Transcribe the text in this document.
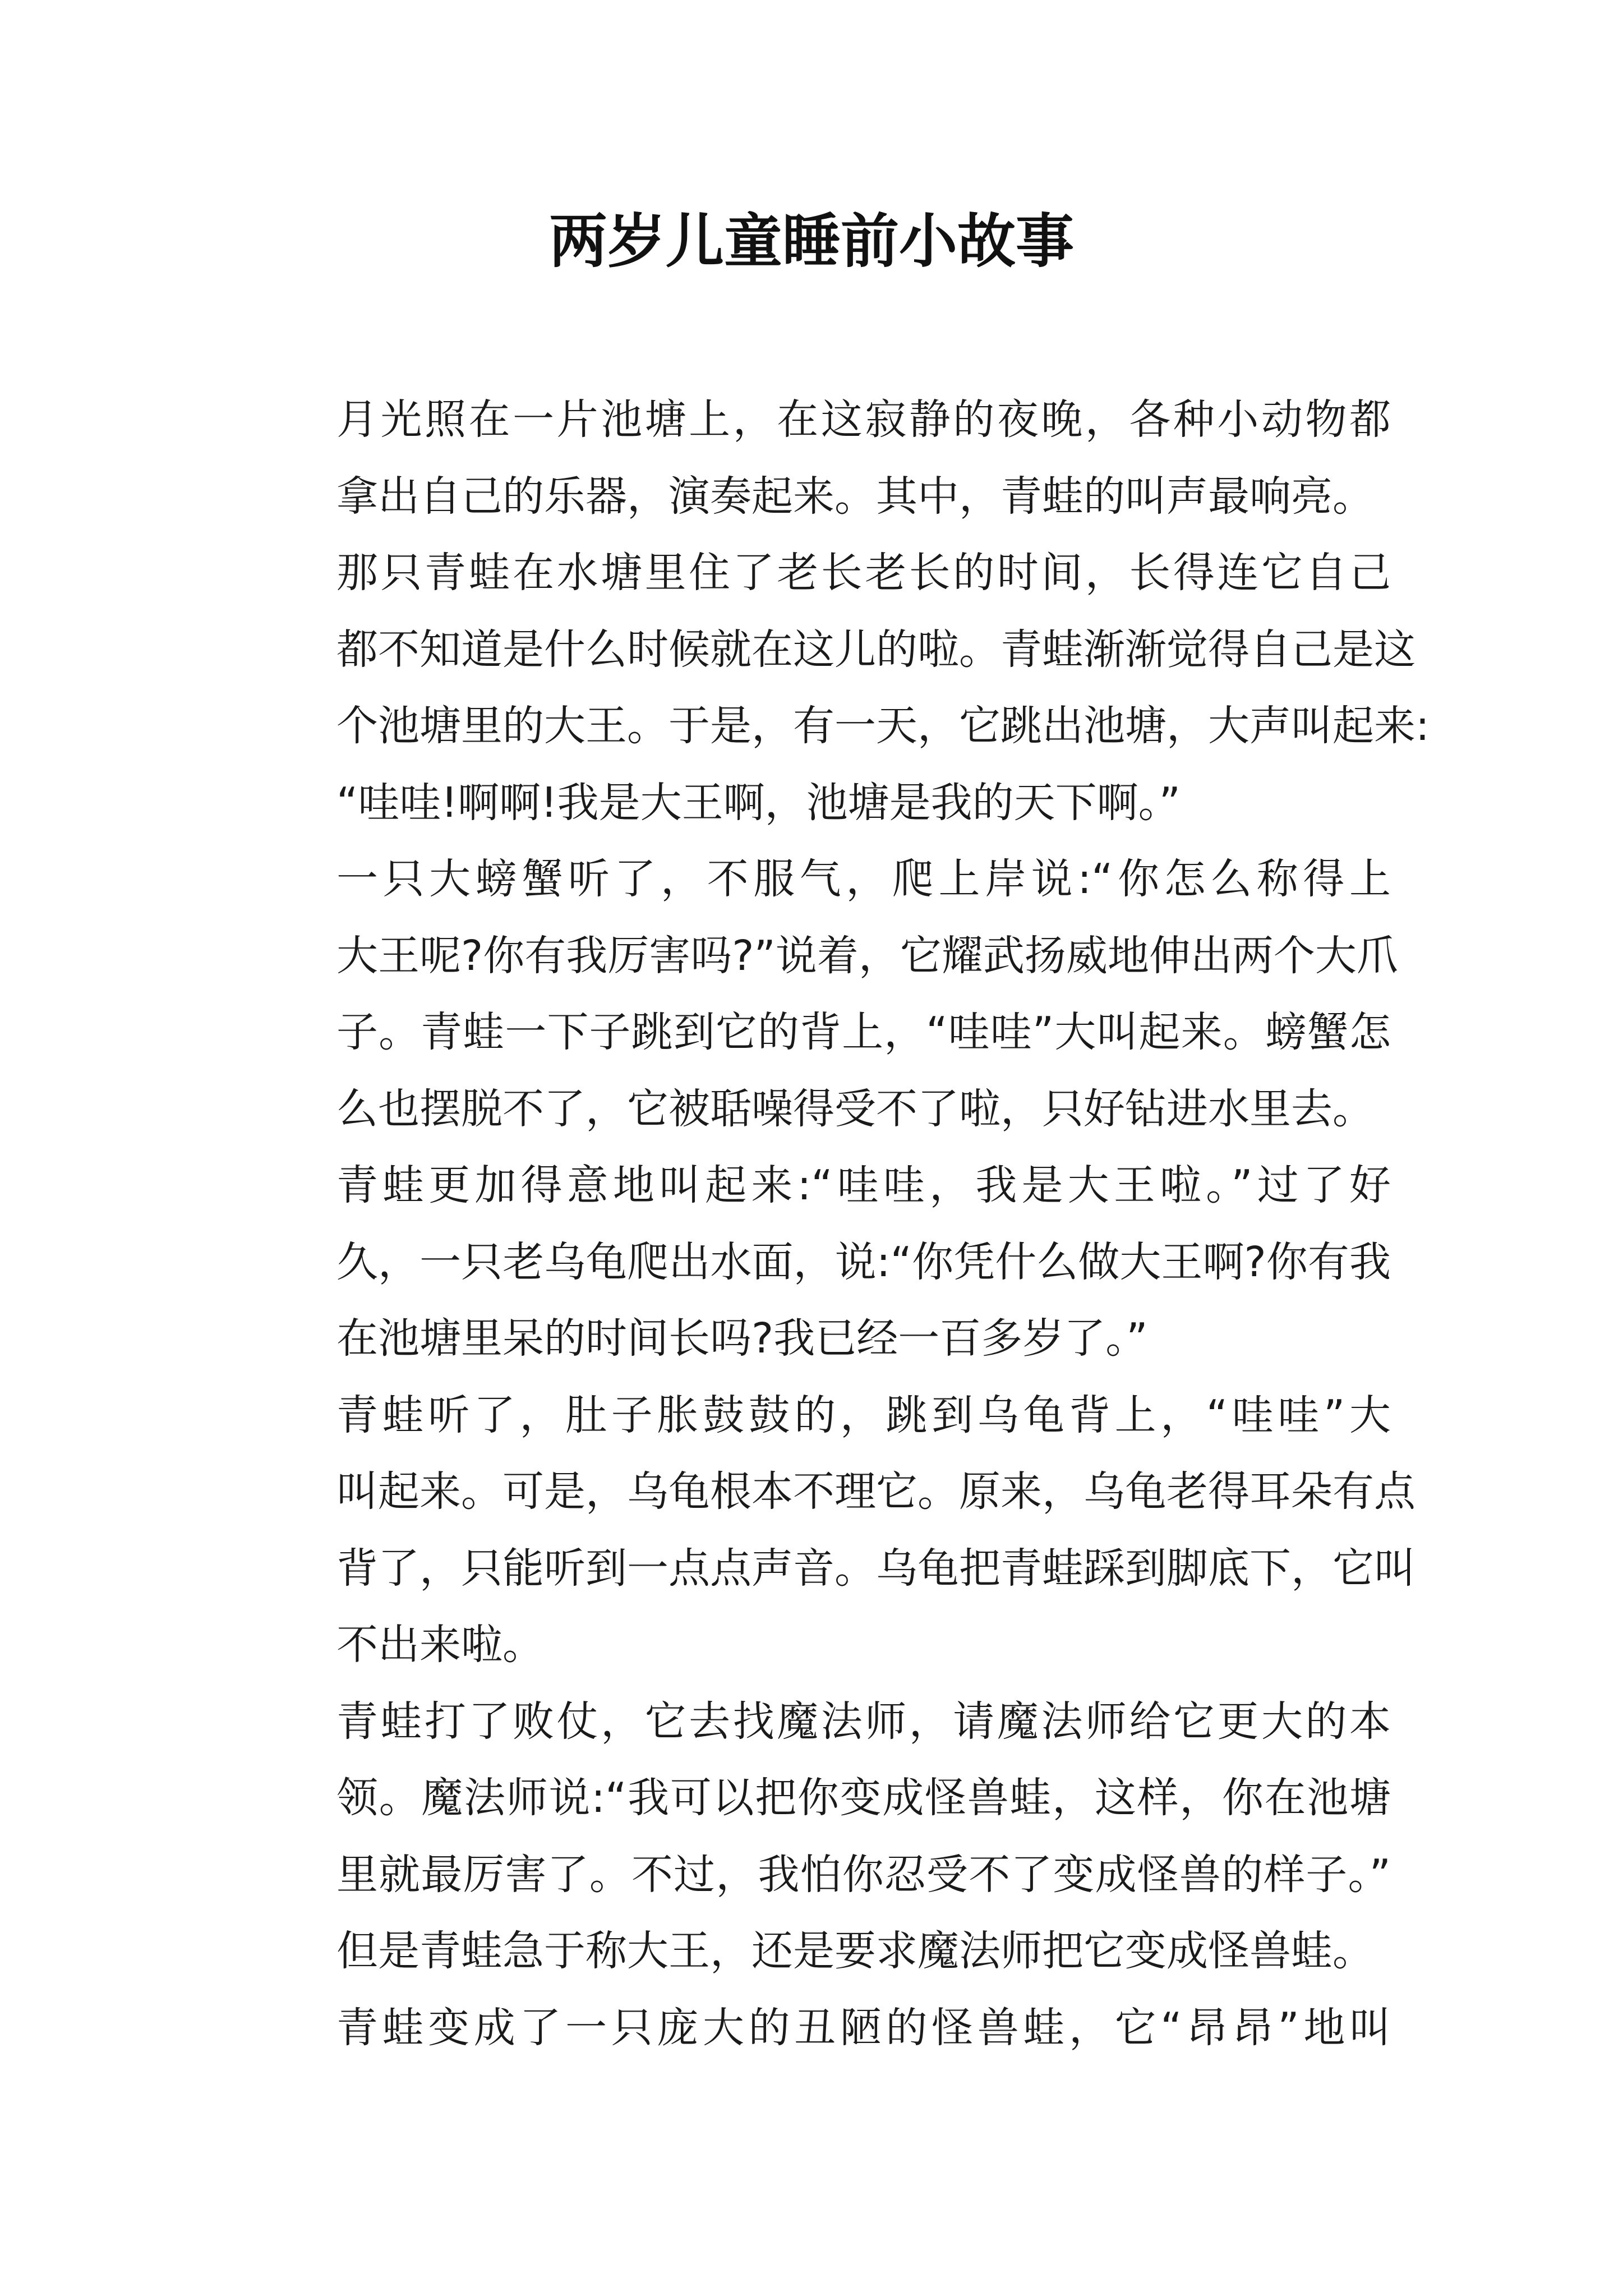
两岁儿童睡前小故事
月光照在一片池塘上，在这寂静的夜晚，各种小动物都
拿出自己的乐器，演奏起来。其中，青蛙的叫声最响亮。
那只青蛙在水塘里住了老长老长的时间，长得连它自己
都不知道是什么时候就在这儿的啦。青蛙渐渐觉得自己是这
个池塘里的大王。于是，有一天，它跳出池塘，大声叫起来:
“哇哇!啊啊!我是大王啊，池塘是我的天下啊。”
一只大螃蟹听了，不服气，爬上岸说:“你怎么称得上
大王呢?你有我厉害吗?”说着，它耀武扬威地伸出两个大爪
子。青蛙一下子跳到它的背上，“哇哇”大叫起来。螃蟹怎
么也摆脱不了，它被聒噪得受不了啦，只好钻进水里去。
青蛙更加得意地叫起来:“哇哇，我是大王啦。”过了好
久，一只老乌龟爬出水面，说:“你凭什么做大王啊?你有我
在池塘里呆的时间长吗?我已经一百多岁了。”
青蛙听了，肚子胀鼓鼓的，跳到乌龟背上，“哇哇”大
叫起来。可是，乌龟根本不理它。原来，乌龟老得耳朵有点
背了，只能听到一点点声音。乌龟把青蛙踩到脚底下，它叫
不出来啦。
青蛙打了败仗，它去找魔法师，请魔法师给它更大的本
领。魔法师说:“我可以把你变成怪兽蛙，这样，你在池塘
里就最厉害了。不过，我怕你忍受不了变成怪兽的样子。”
但是青蛙急于称大王，还是要求魔法师把它变成怪兽蛙。
青蛙变成了一只庞大的丑陋的怪兽蛙，它“昂昂”地叫
